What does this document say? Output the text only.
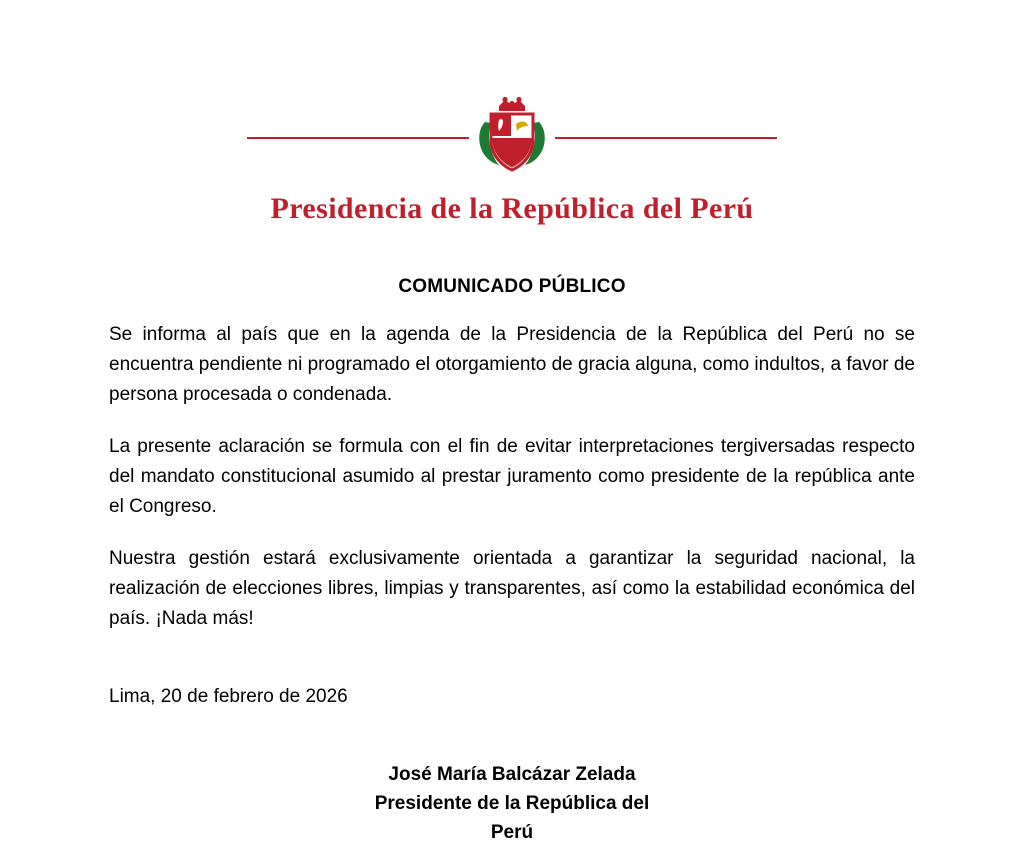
Presidencia de la República del Perú
COMUNICADO PÚBLICO

Se informa al país que en la agenda de la Presidencia de la República del Perú no se encuentra pendiente ni programado el otorgamiento de gracia alguna, como indultos, a favor de persona procesada o condenada.

La presente aclaración se formula con el fin de evitar interpretaciones tergiversadas respecto del mandato constitucional asumido al prestar juramento como presidente de la república ante el Congreso.

Nuestra gestión estará exclusivamente orientada a garantizar la seguridad nacional, la realización de elecciones libres, limpias y transparentes, así como la estabilidad económica del país. ¡Nada más!

Lima, 20 de febrero de 2026
José María Balcázar Zelada
Presidente de la República del Perú
